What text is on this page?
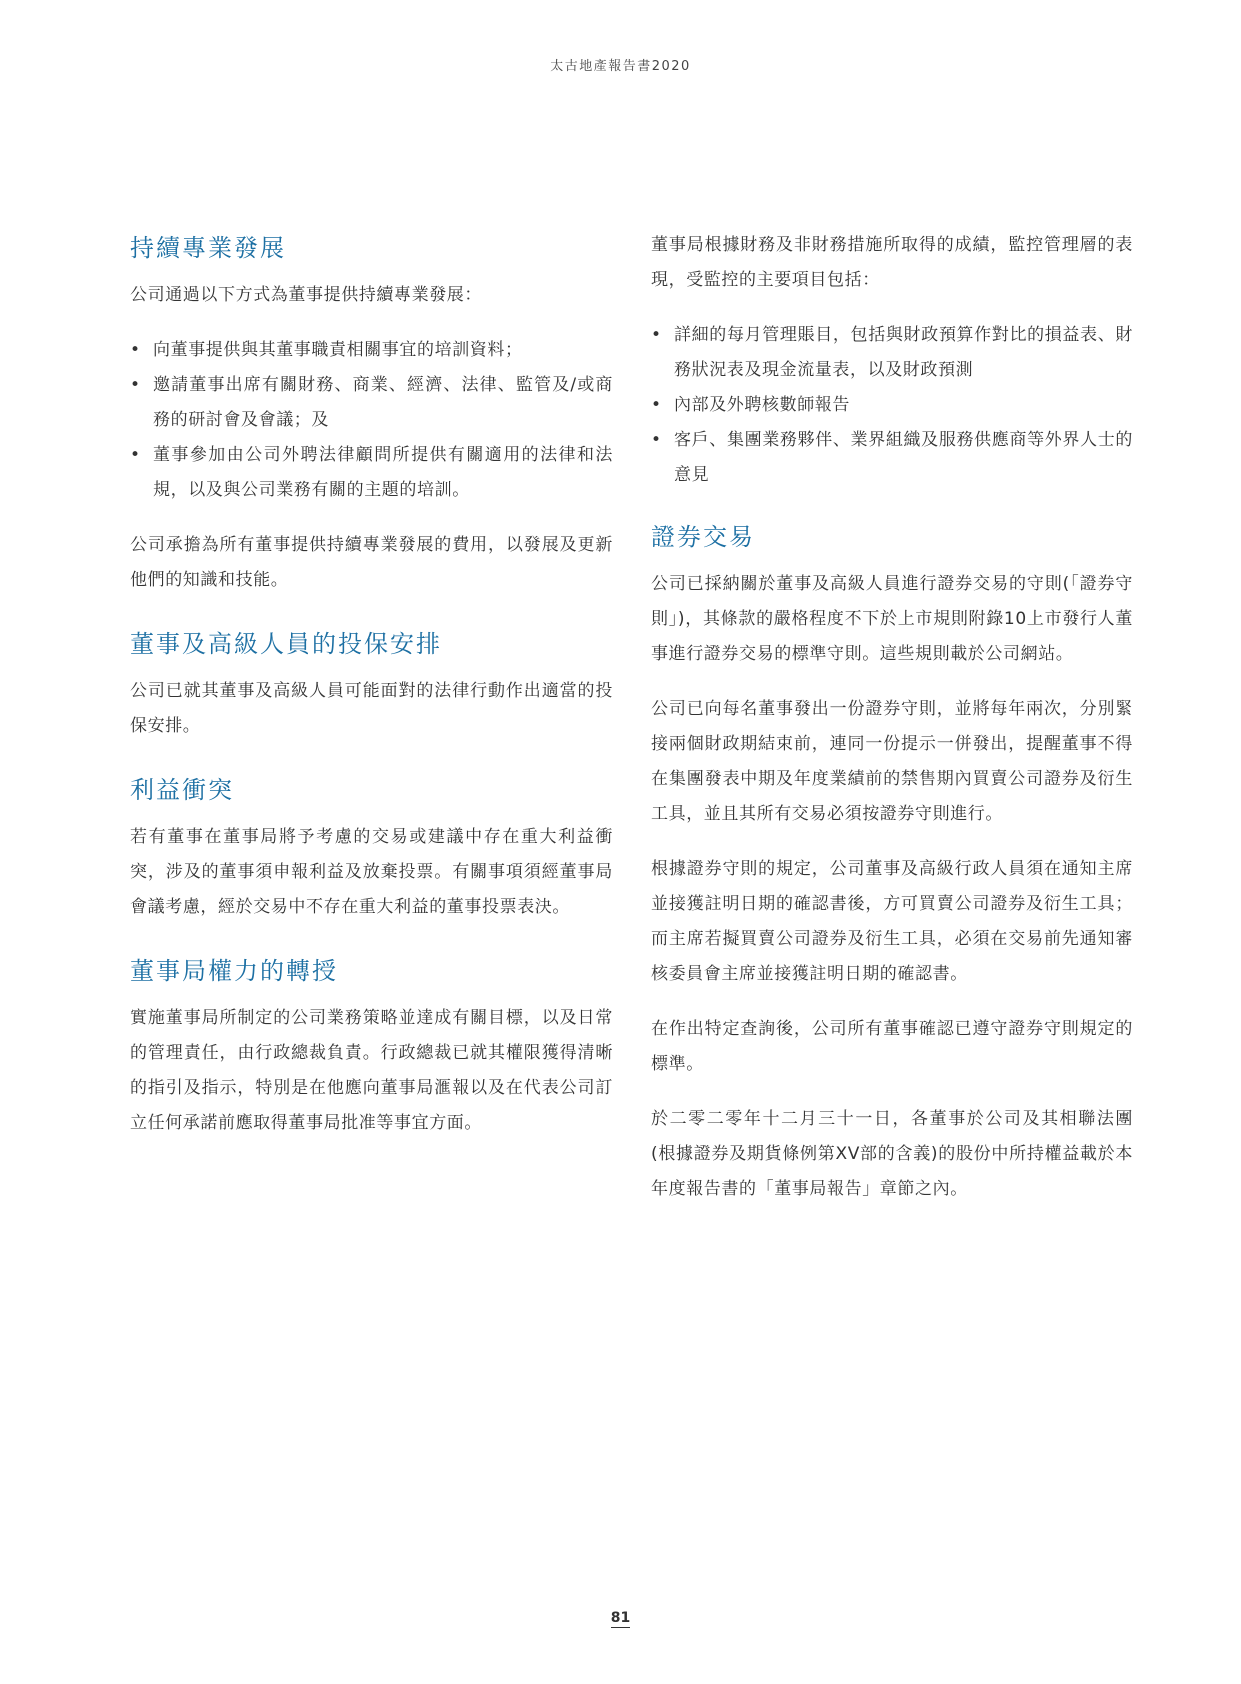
太古地產報告書2020
持續專業發展

公司通過以下方式為董事提供持續專業發展：

• 向董事提供與其董事職責相關事宜的培訓資料；
• 邀請董事出席有關財務、商業、經濟、法律、監管及/或商務的研討會及會議；及
• 董事參加由公司外聘法律顧問所提供有關適用的法律和法規，以及與公司業務有關的主題的培訓。

公司承擔為所有董事提供持續專業發展的費用，以發展及更新他們的知識和技能。

董事及高級人員的投保安排

公司已就其董事及高級人員可能面對的法律行動作出適當的投保安排。

利益衝突

若有董事在董事局將予考慮的交易或建議中存在重大利益衝突，涉及的董事須申報利益及放棄投票。有關事項須經董事局會議考慮，經於交易中不存在重大利益的董事投票表決。

董事局權力的轉授

實施董事局所制定的公司業務策略並達成有關目標，以及日常的管理責任，由行政總裁負責。行政總裁已就其權限獲得清晰的指引及指示，特別是在他應向董事局滙報以及在代表公司訂立任何承諾前應取得董事局批准等事宜方面。

董事局根據財務及非財務措施所取得的成績，監控管理層的表現，受監控的主要項目包括：

• 詳細的每月管理賬目，包括與財政預算作對比的損益表、財務狀況表及現金流量表，以及財政預測
• 內部及外聘核數師報告
• 客戶、集團業務夥伴、業界組織及服務供應商等外界人士的意見
證券交易

公司已採納關於董事及高級人員進行證券交易的守則(「證券守則」)，其條款的嚴格程度不下於上市規則附錄10上市發行人董事進行證券交易的標準守則。這些規則載於公司網站。

公司已向每名董事發出一份證券守則，並將每年兩次，分別緊接兩個財政期結束前，連同一份提示一併發出，提醒董事不得在集團發表中期及年度業績前的禁售期內買賣公司證券及衍生工具，並且其所有交易必須按證券守則進行。

根據證券守則的規定，公司董事及高級行政人員須在通知主席並接獲註明日期的確認書後，方可買賣公司證券及衍生工具；而主席若擬買賣公司證券及衍生工具，必須在交易前先通知審核委員會主席並接獲註明日期的確認書。

在作出特定查詢後，公司所有董事確認已遵守證券守則規定的標準。

於二零二零年十二月三十一日，各董事於公司及其相聯法團(根據證券及期貨條例第XV部的含義)的股份中所持權益載於本年度報告書的「董事局報告」章節之內。

81
